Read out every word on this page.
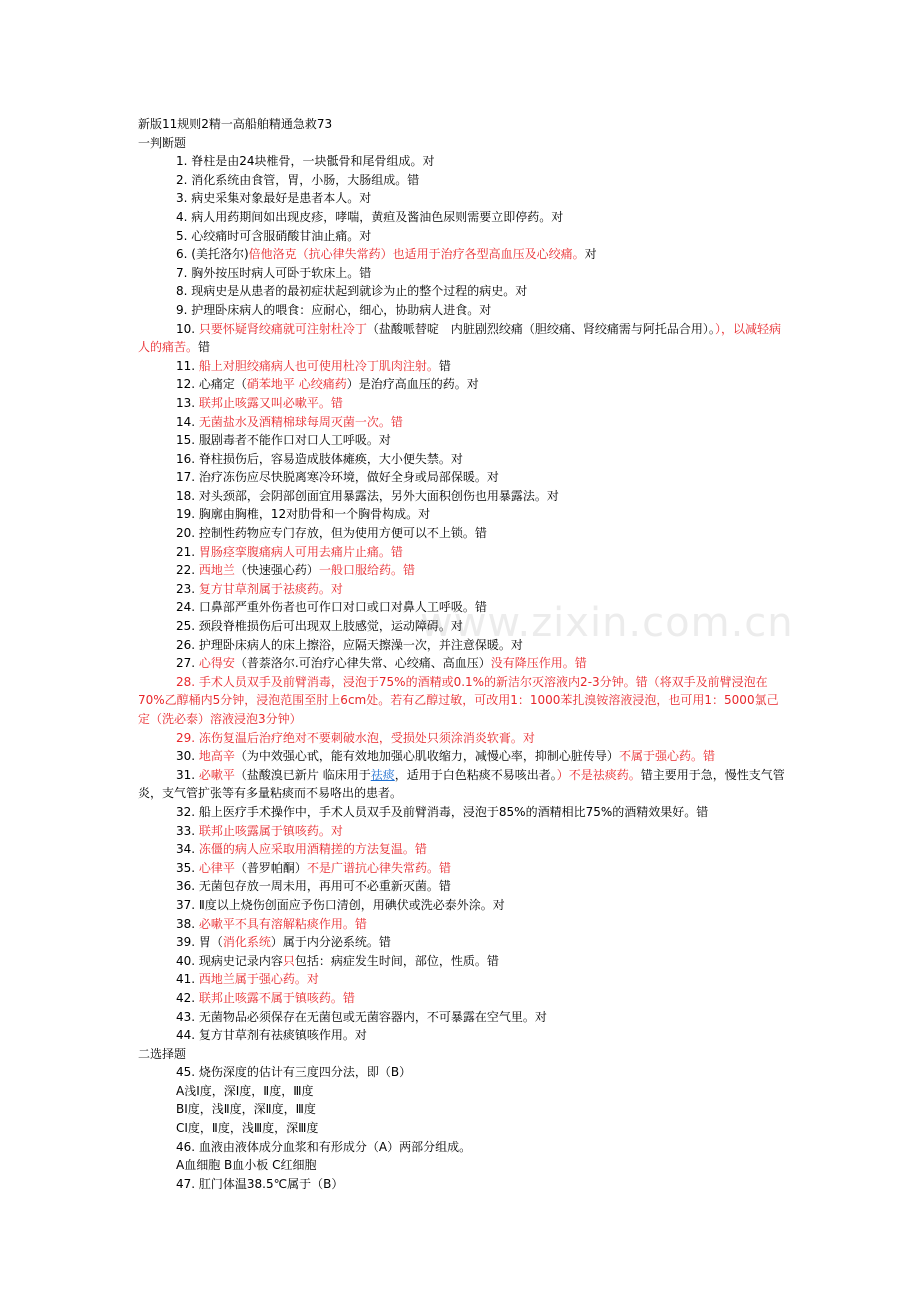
www.zixin.com.cn
新版11规则2精一高船舶精通急救73
一判断题
1. 脊柱是由24块椎骨，一块骶骨和尾骨组成。对
2. 消化系统由食管，胃，小肠，大肠组成。错
3. 病史采集对象最好是患者本人。对
4. 病人用药期间如出现皮疹，哮喘，黄疸及酱油色尿则需要立即停药。对
5. 心绞痛时可含服硝酸甘油止痛。对
6. (美托洛尔)倍他洛克（抗心律失常药）也适用于治疗各型高血压及心绞痛。对
7. 胸外按压时病人可卧于软床上。错
8. 现病史是从患者的最初症状起到就诊为止的整个过程的病史。对
9. 护理卧床病人的喂食：应耐心，细心，协助病人进食。对
10. 只要怀疑肾绞痛就可注射杜冷丁（盐酸哌替啶　内脏剧烈绞痛（胆绞痛、肾绞痛需与阿托品合用）。），以减轻病人的痛苦。错
11. 船上对胆绞痛病人也可使用杜冷丁肌肉注射。错
12. 心痛定（硝苯地平 心绞痛药）是治疗高血压的药。对
13. 联邦止咳露又叫必嗽平。错
14. 无菌盐水及酒精棉球每周灭菌一次。错
15. 服剧毒者不能作口对口人工呼吸。对
16. 脊柱损伤后，容易造成肢体瘫痪，大小便失禁。对
17. 治疗冻伤应尽快脱离寒冷环境，做好全身或局部保暖。对
18. 对头颈部，会阴部创面宜用暴露法，另外大面积创伤也用暴露法。对
19. 胸廓由胸椎，12对肋骨和一个胸骨构成。对
20. 控制性药物应专门存放，但为使用方便可以不上锁。错
21. 胃肠痉挛腹痛病人可用去痛片止痛。错
22. 西地兰（快速强心药）一般口服给药。错
23. 复方甘草剂属于祛痰药。对
24. 口鼻部严重外伤者也可作口对口或口对鼻人工呼吸。错
25. 颈段脊椎损伤后可出现双上肢感觉，运动障碍。对
26. 护理卧床病人的床上擦浴，应隔天擦澡一次，并注意保暖。对
27. 心得安（普萘洛尔.可治疗心律失常、心绞痛、高血压）没有降压作用。错
28. 手术人员双手及前臂消毒，浸泡于75%的酒精或0.1%的新洁尔灭溶液内2-3分钟。错（将双手及前臂浸泡在70%乙醇桶内5分钟，浸泡范围至肘上6cm处。若有乙醇过敏，可改用1：1000苯扎溴铵溶液浸泡，也可用1：5000氯己定（洗必泰）溶液浸泡3分钟）
29. 冻伤复温后治疗绝对不要刺破水泡，受损处只须涂消炎软膏。对
30. 地高辛（为中效强心甙，能有效地加强心肌收缩力，减慢心率，抑制心脏传导）不属于强心药。错
31. 必嗽平（盐酸溴已新片 临床用于祛痰，适用于白色粘痰不易咳出者。）不是祛痰药。错主要用于急，慢性支气管炎，支气管扩张等有多量粘痰而不易咯出的患者。
32. 船上医疗手术操作中，手术人员双手及前臂消毒，浸泡于85%的酒精相比75%的酒精效果好。错
33. 联邦止咳露属于镇咳药。对
34. 冻僵的病人应采取用酒精搓的方法复温。错
35. 心律平（普罗帕酮）不是广谱抗心律失常药。错
36. 无菌包存放一周未用，再用可不必重新灭菌。错
37. Ⅱ度以上烧伤创面应予伤口清创，用碘伏或洗必泰外涂。对
38. 必嗽平不具有溶解粘痰作用。错
39. 胃（消化系统）属于内分泌系统。错
40. 现病史记录内容只包括：病症发生时间，部位，性质。错
41. 西地兰属于强心药。对
42. 联邦止咳露不属于镇咳药。错
43. 无菌物品必须保存在无菌包或无菌容器内，不可暴露在空气里。对
44. 复方甘草剂有祛痰镇咳作用。对
二选择题
45. 烧伤深度的估计有三度四分法，即（B）
A浅Ⅰ度，深Ⅰ度，Ⅱ度，Ⅲ度
BⅠ度，浅Ⅱ度，深Ⅱ度，Ⅲ度
CⅠ度，Ⅱ度，浅Ⅲ度，深Ⅲ度
46. 血液由液体成分血浆和有形成分（A）两部分组成。
A血细胞 B血小板 C红细胞
47. 肛门体温38.5℃属于（B）
